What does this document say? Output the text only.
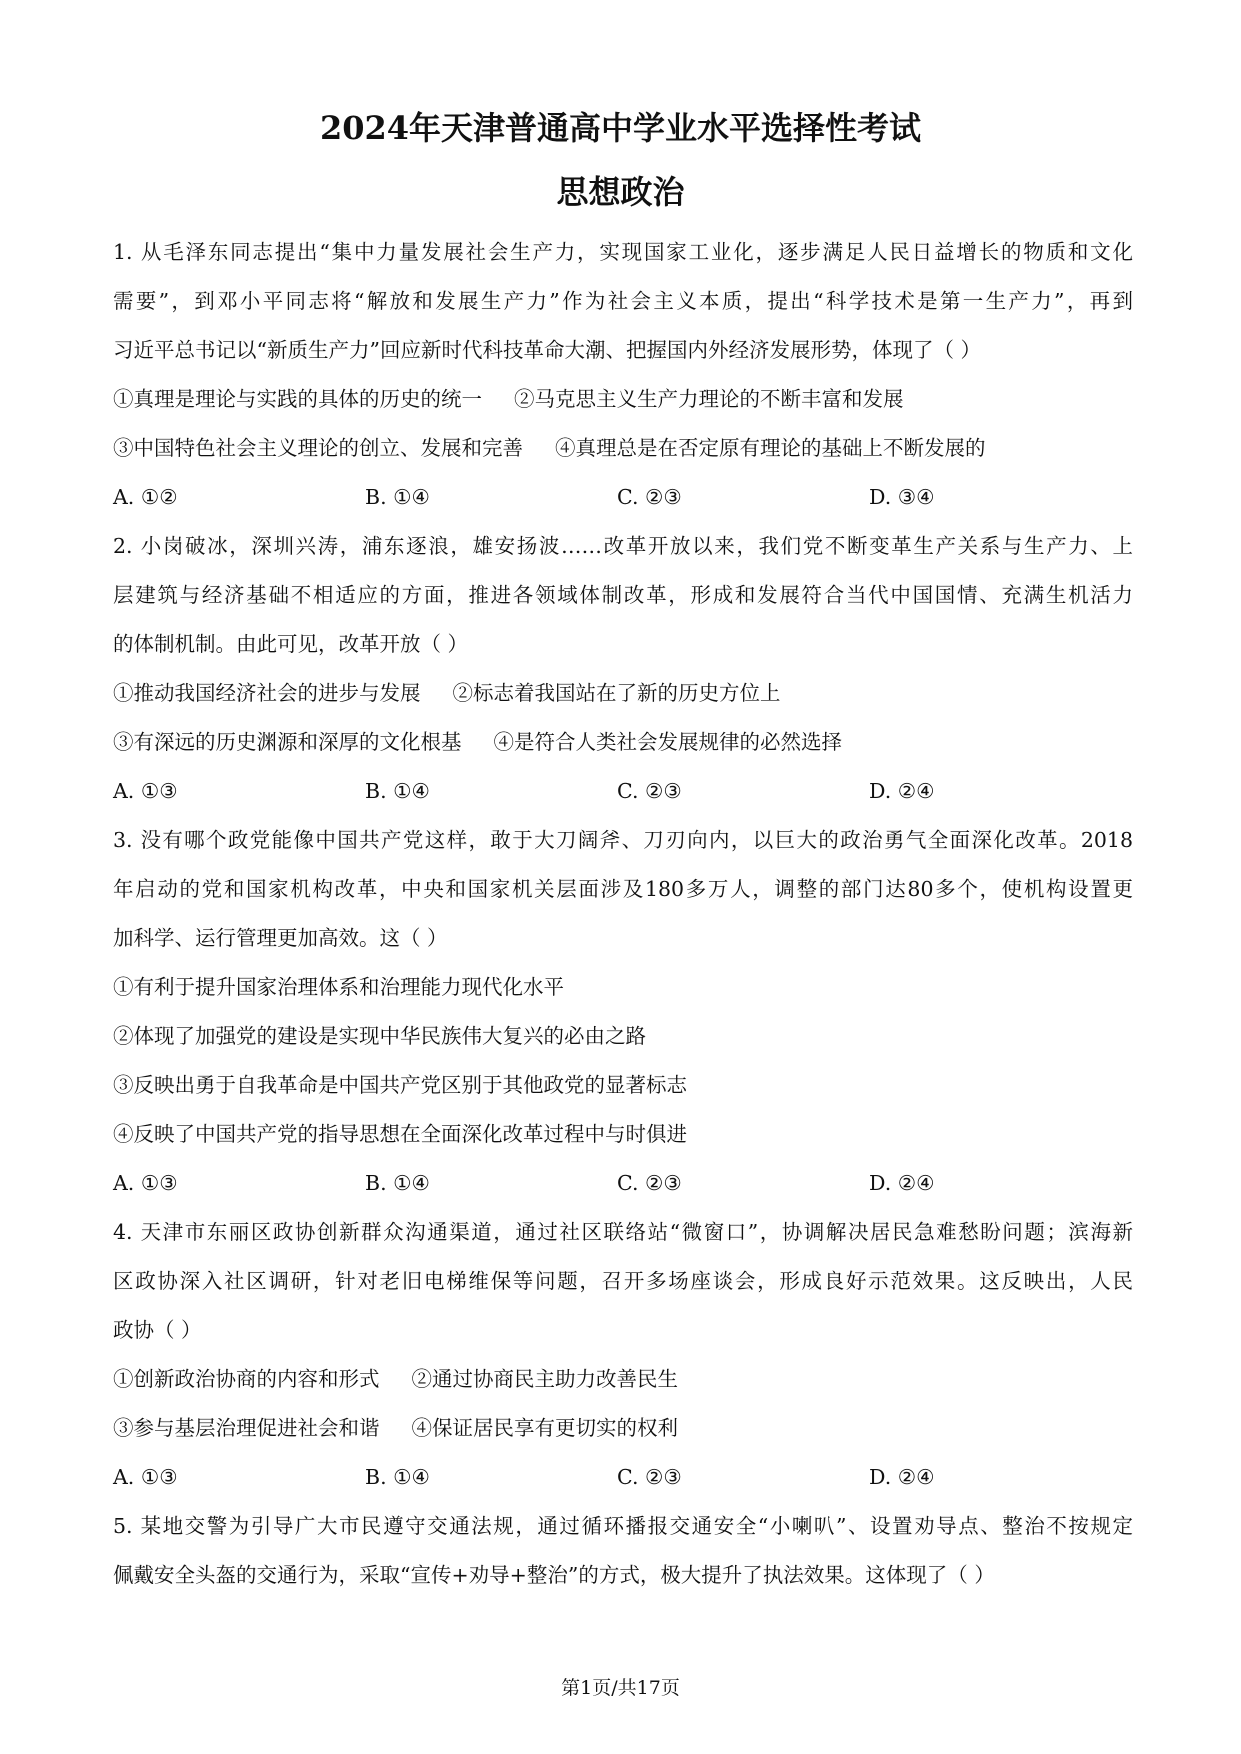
2024年天津普通高中学业水平选择性考试
思想政治
1. 从毛泽东同志提出“集中力量发展社会生产力，实现国家工业化，逐步满足人民日益增长的物质和文化
需要”，到邓小平同志将“解放和发展生产力”作为社会主义本质，提出“科学技术是第一生产力”，再到
习近平总书记以“新质生产力”回应新时代科技革命大潮、把握国内外经济发展形势，体现了（ ）
①真理是理论与实践的具体的历史的统一 ②马克思主义生产力理论的不断丰富和发展
③中国特色社会主义理论的创立、发展和完善 ④真理总是在否定原有理论的基础上不断发展的
A. ①②	B. ①④	C. ②③	D. ③④
2. 小岗破冰，深圳兴涛，浦东逐浪，雄安扬波……改革开放以来，我们党不断变革生产关系与生产力、上
层建筑与经济基础不相适应的方面，推进各领域体制改革，形成和发展符合当代中国国情、充满生机活力
的体制机制。由此可见，改革开放（ ）
①推动我国经济社会的进步与发展 ②标志着我国站在了新的历史方位上
③有深远的历史渊源和深厚的文化根基 ④是符合人类社会发展规律的必然选择
A. ①③	B. ①④	C. ②③	D. ②④
3. 没有哪个政党能像中国共产党这样，敢于大刀阔斧、刀刃向内，以巨大的政治勇气全面深化改革。2018
年启动的党和国家机构改革，中央和国家机关层面涉及180多万人，调整的部门达80多个，使机构设置更
加科学、运行管理更加高效。这（ ）
①有利于提升国家治理体系和治理能力现代化水平
②体现了加强党的建设是实现中华民族伟大复兴的必由之路
③反映出勇于自我革命是中国共产党区别于其他政党的显著标志
④反映了中国共产党的指导思想在全面深化改革过程中与时俱进
A. ①③	B. ①④	C. ②③	D. ②④
4. 天津市东丽区政协创新群众沟通渠道，通过社区联络站“微窗口”，协调解决居民急难愁盼问题；滨海新
区政协深入社区调研，针对老旧电梯维保等问题，召开多场座谈会，形成良好示范效果。这反映出，人民
政协（ ）
①创新政治协商的内容和形式 ②通过协商民主助力改善民生
③参与基层治理促进社会和谐 ④保证居民享有更切实的权利
A. ①③	B. ①④	C. ②③	D. ②④
5. 某地交警为引导广大市民遵守交通法规，通过循环播报交通安全“小喇叭”、设置劝导点、整治不按规定
佩戴安全头盔的交通行为，采取“宣传+劝导+整治”的方式，极大提升了执法效果。这体现了（ ）
第1页/共17页
